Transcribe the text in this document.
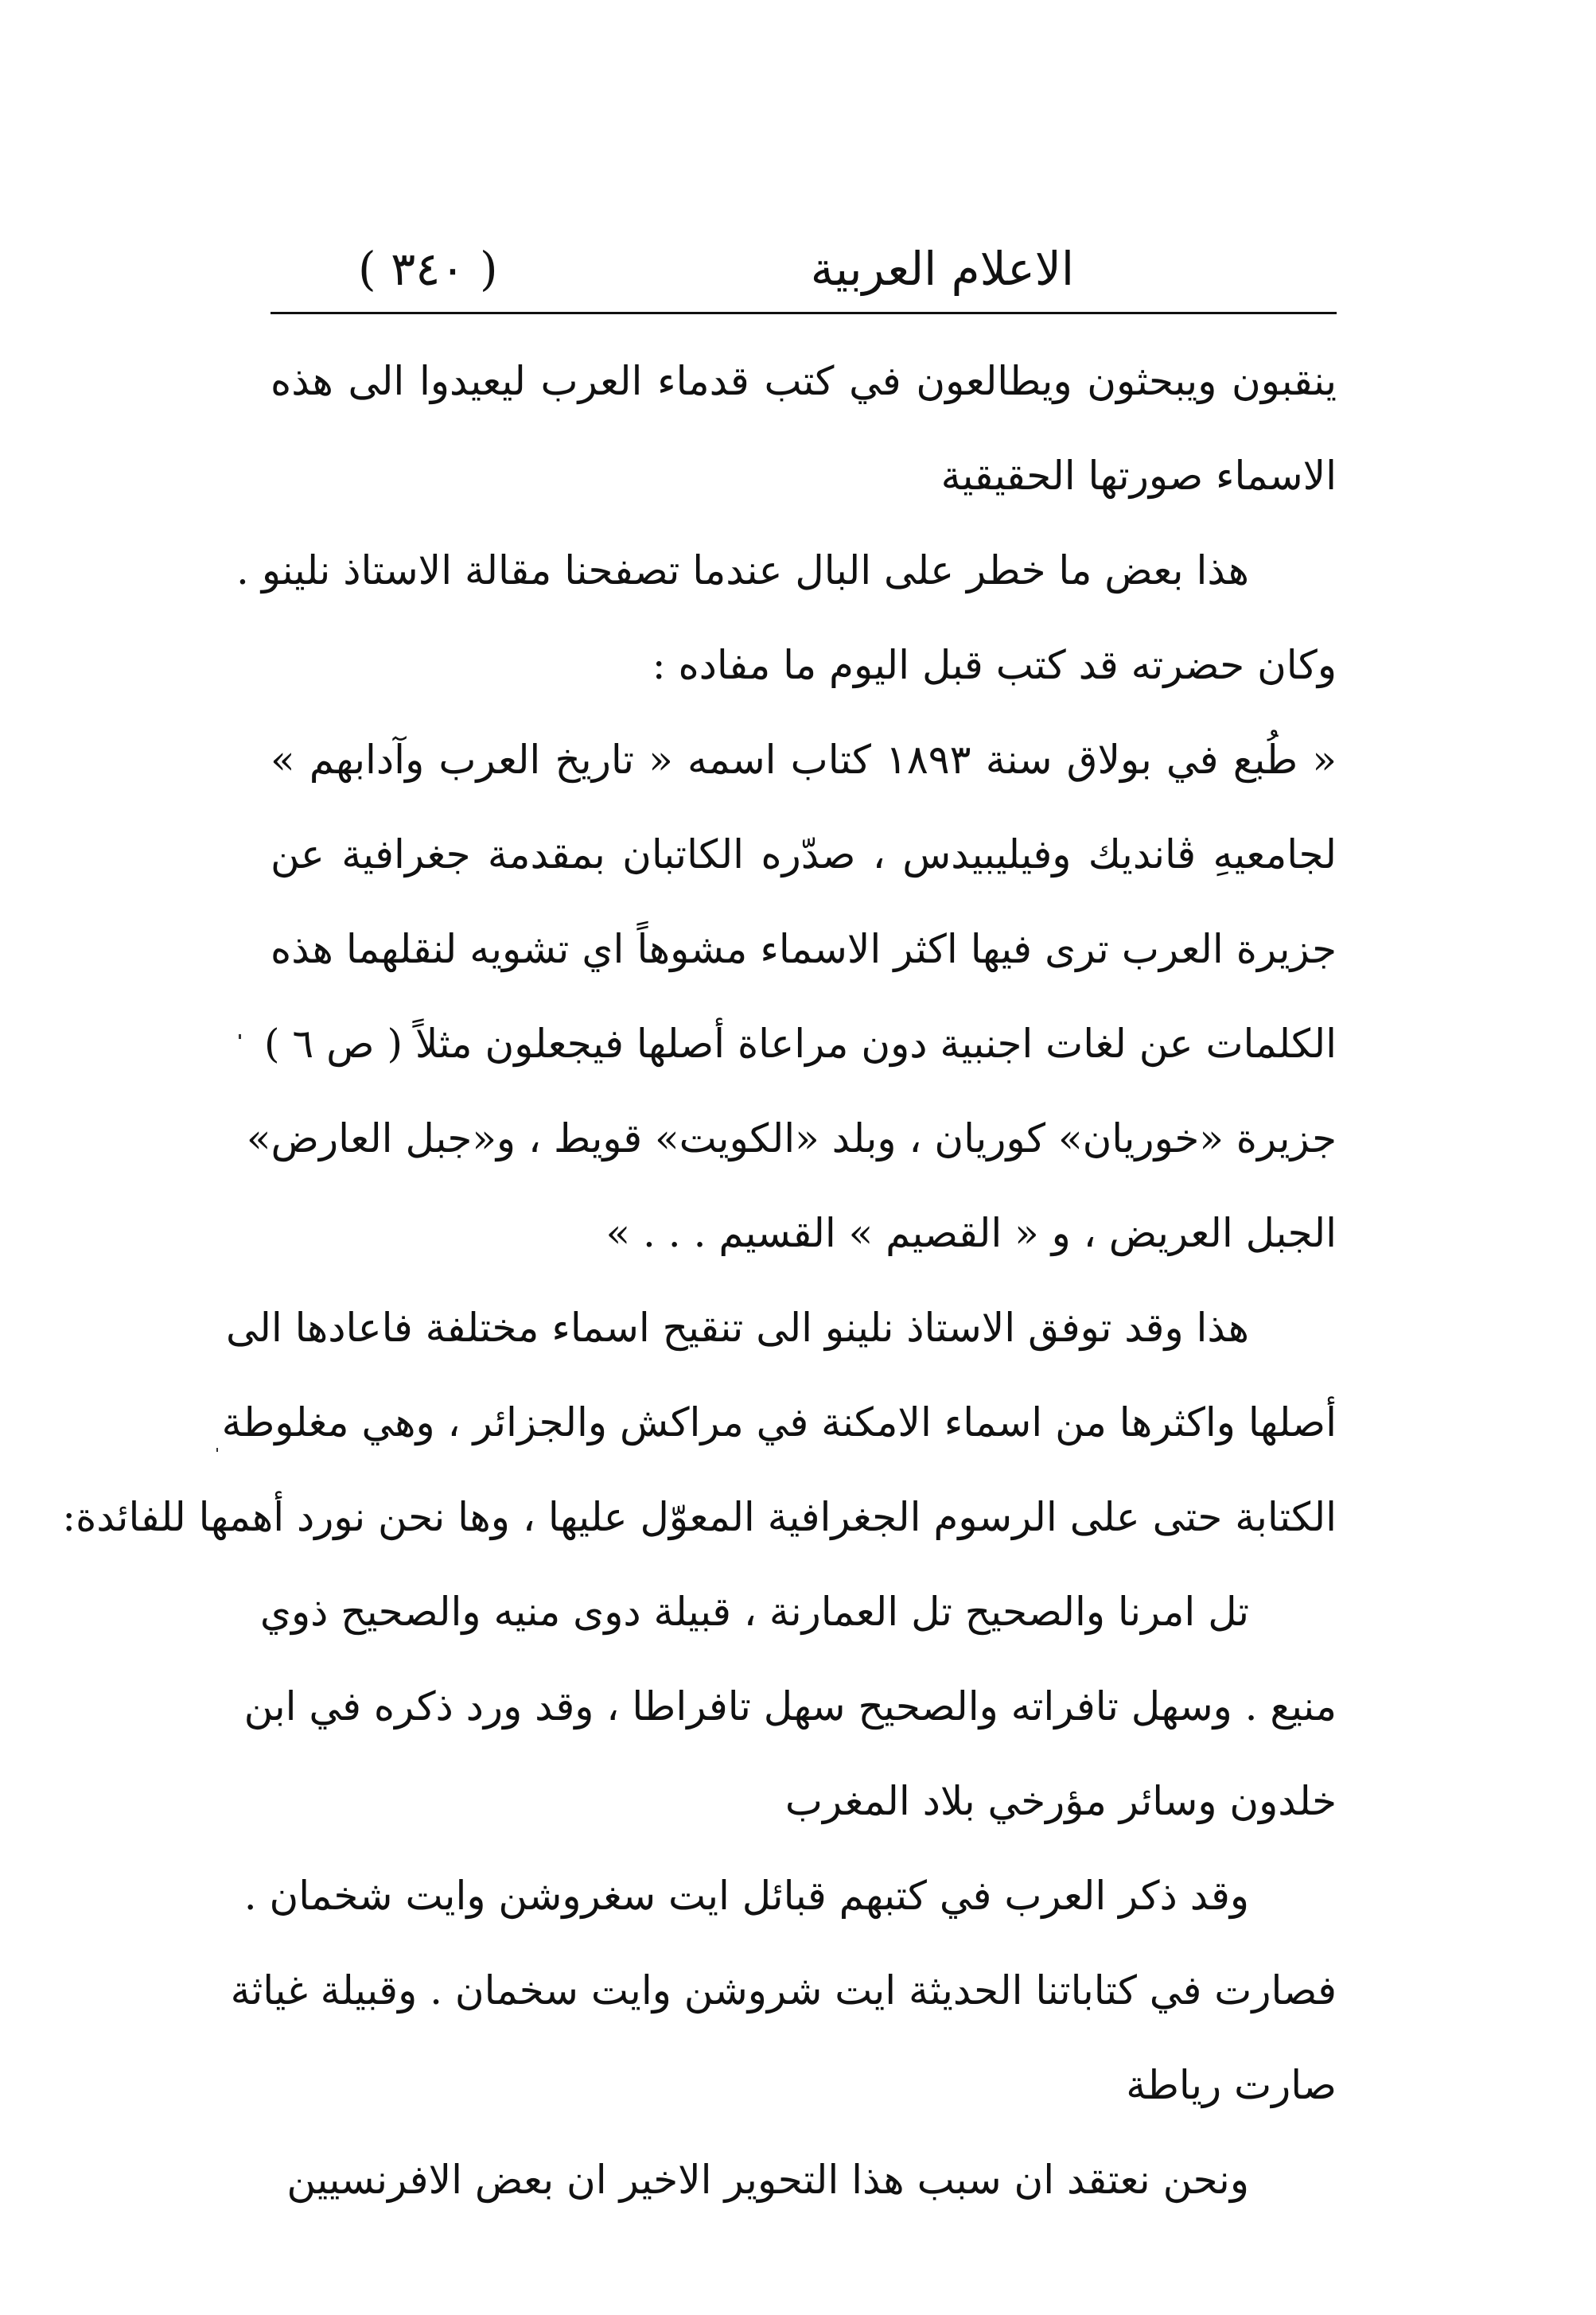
( ٣٤٠ )	الاعلام العربية
ينقبون ويبحثون ويطالعون في كتب قدماء العرب ليعيدوا الى هذه
الاسماء صورتها الحقيقية
هذا بعض ما خطر على البال عندما تصفحنا مقالة الاستاذ نلينو .
وكان حضرته قد كتب قبل اليوم ما مفاده :
« طُبع في بولاق سنة ١٨٩٣ كتاب اسمه « تاريخ العرب وآدابهم »
لجامعيهِ ڤانديك وفيليبيدس ، صدّره الكاتبان بمقدمة جغرافية عن
جزيرة العرب ترى فيها اكثر الاسماء مشوهاً اي تشويه لنقلهما هذه
الكلمات عن لغات اجنبية دون مراعاة أصلها فيجعلون مثلاً ( ص ٦ )
جزيرة «خوريان» كوريان ، وبلد «الكويت» قويط ، و«جبل العارض»
الجبل العريض ، و « القصيم » القسيم . . . »
هذا وقد توفق الاستاذ نلينو الى تنقيح اسماء مختلفة فاعادها الى
أصلها واكثرها من اسماء الامكنة في مراكش والجزائر ، وهي مغلوطة
الكتابة حتى على الرسوم الجغرافية المعوّل عليها ، وها نحن نورد أهمها للفائدة:
تل امرنا والصحيح تل العمارنة ، قبيلة دوى منيه والصحيح ذوي
منيع . وسهل تافراته والصحيح سهل تافراطا ، وقد ورد ذكره في ابن
خلدون وسائر مؤرخي بلاد المغرب
وقد ذكر العرب في كتبهم قبائل ايت سغروشن وايت شخمان .
فصارت في كتاباتنا الحديثة ايت شروشن وايت سخمان . وقبيلة غياثة
صارت رياطة
ونحن نعتقد ان سبب هذا التحوير الاخير ان بعض الافرنسيين
